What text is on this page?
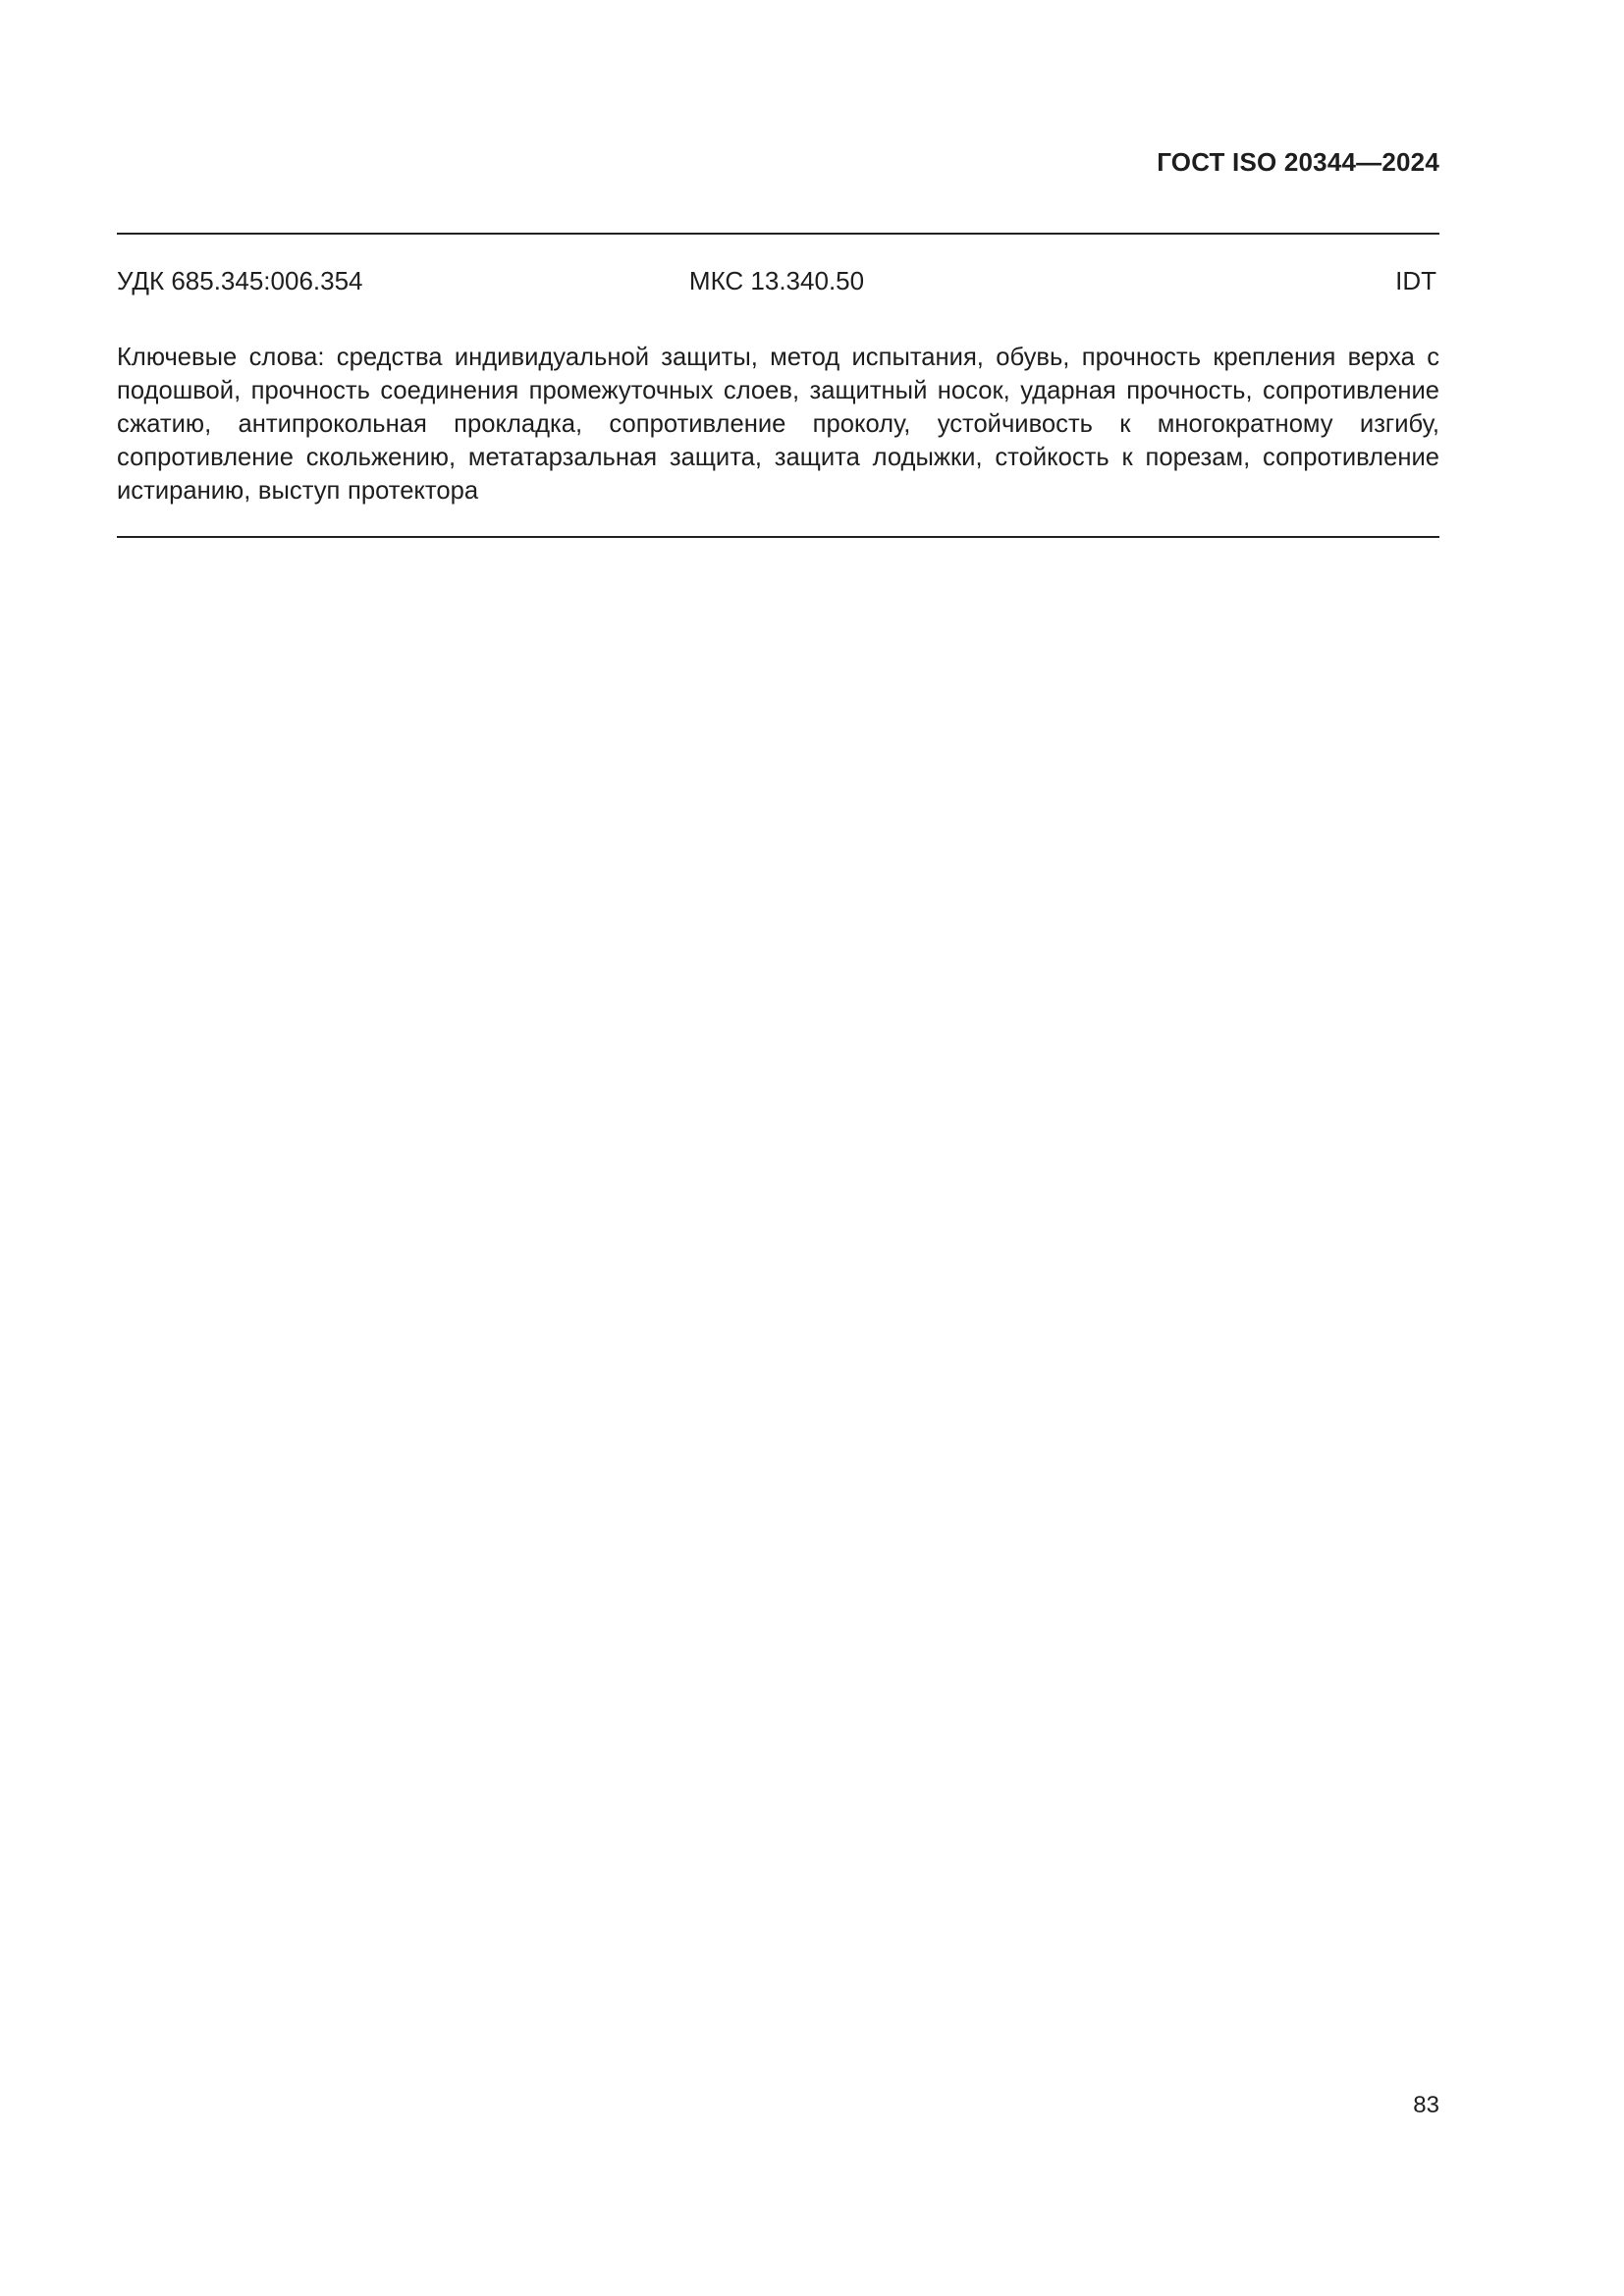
ГОСТ ISO 20344—2024
УДК 685.345:006.354	МКС 13.340.50	IDT

Ключевые слова: средства индивидуальной защиты, метод испытания, обувь, прочность крепления верха с подошвой, прочность соединения промежуточных слоев, защитный носок, ударная прочность, сопротивление сжатию, антипрокольная прокладка, сопротивление проколу, устойчивость к многократному изгибу, сопротивление скольжению, метатарзальная защита, защита лодыжки, стойкость к порезам, сопротивление истиранию, выступ протектора

83
